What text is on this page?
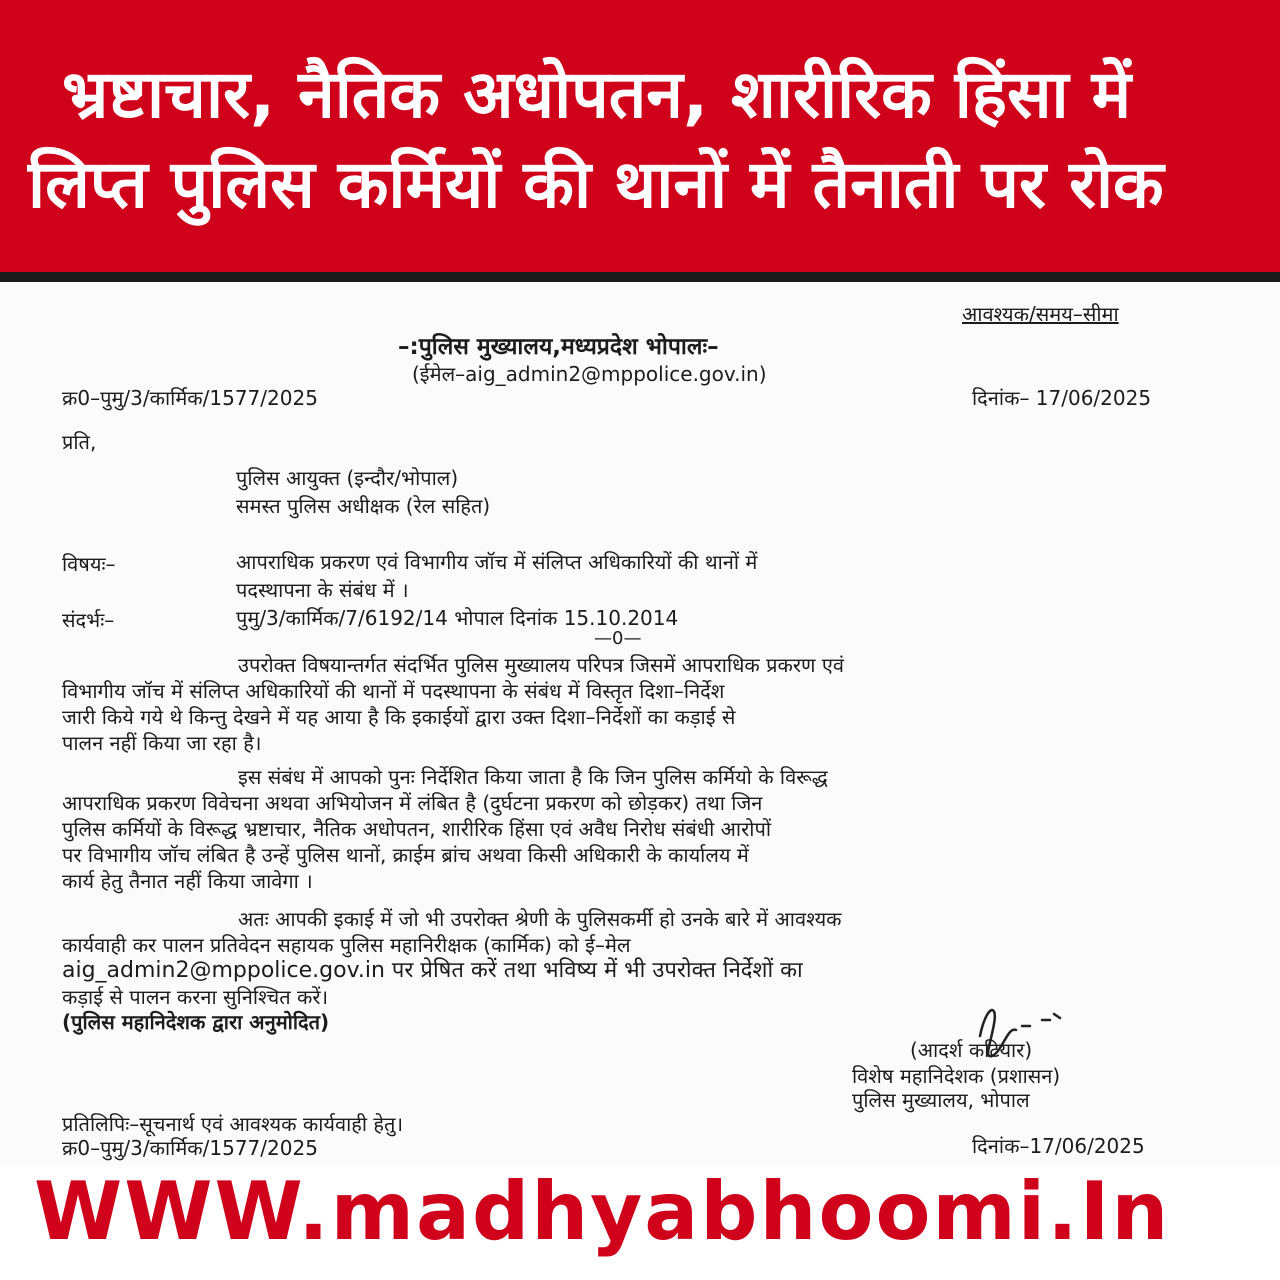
भ्रष्टाचार, नैतिक अधोपतन, शारीरिक हिंसा में
लिप्त पुलिस कर्मियों की थानों में तैनाती पर रोक
आवश्यक/समय–सीमा
–:पुलिस मुख्यालय,मध्यप्रदेश भोपालः–
(ईमेल–aig_admin2@mppolice.gov.in)
क्र0–पुमु/3/कार्मिक/1577/2025	दिनांक– 17/06/2025
प्रति,
पुलिस आयुक्त (इन्दौर/भोपाल)
समस्त पुलिस अधीक्षक (रेल सहित)
विषयः–	आपराधिक प्रकरण एवं विभागीय जॉच में संलिप्त अधिकारियों की थानों में
पदस्थापना के संबंध में ।
संदर्भः–	पुमु/3/कार्मिक/7/6192/14 भोपाल दिनांक 15.10.2014
—0—
उपरोक्त विषयान्तर्गत संदर्भित पुलिस मुख्यालय परिपत्र जिसमें आपराधिक प्रकरण एवं
विभागीय जॉच में संलिप्त अधिकारियों की थानों में पदस्थापना के संबंध में विस्तृत दिशा–निर्देश
जारी किये गये थे किन्तु देखने में यह आया है कि इकाईयों द्वारा उक्त दिशा–निर्देशों का कड़ाई से
पालन नहीं किया जा रहा है।
इस संबंध में आपको पुनः निर्देशित किया जाता है कि जिन पुलिस कर्मियो के विरूद्ध
आपराधिक प्रकरण विवेचना अथवा अभियोजन में लंबित है (दुर्घटना प्रकरण को छोड़कर) तथा जिन
पुलिस कर्मियों के विरूद्ध भ्रष्टाचार, नैतिक अधोपतन, शारीरिक हिंसा एवं अवैध निरोध संबंधी आरोपों
पर विभागीय जॉच लंबित है उन्हें पुलिस थानों, क्राईम ब्रांच अथवा किसी अधिकारी के कार्यालय में
कार्य हेतु तैनात नहीं किया जावेगा ।
अतः आपकी इकाई में जो भी उपरोक्त श्रेणी के पुलिसकर्मी हो उनके बारे में आवश्यक
कार्यवाही कर पालन प्रतिवेदन सहायक पुलिस महानिरीक्षक (कार्मिक) को ई–मेल
aig_admin2@mppolice.gov.in पर प्रेषित करें तथा भविष्य में भी उपरोक्त निर्देशों का
कड़ाई से पालन करना सुनिश्चित करें।
(पुलिस महानिदेशक द्वारा अनुमोदित)
(आदर्श कटियार)
विशेष महानिदेशक (प्रशासन)
पुलिस मुख्यालय, भोपाल
प्रतिलिपिः–सूचनार्थ एवं आवश्यक कार्यवाही हेतु।
क्र0–पुमु/3/कार्मिक/1577/2025	दिनांक–17/06/2025
WWW.madhyabhoomi.In
